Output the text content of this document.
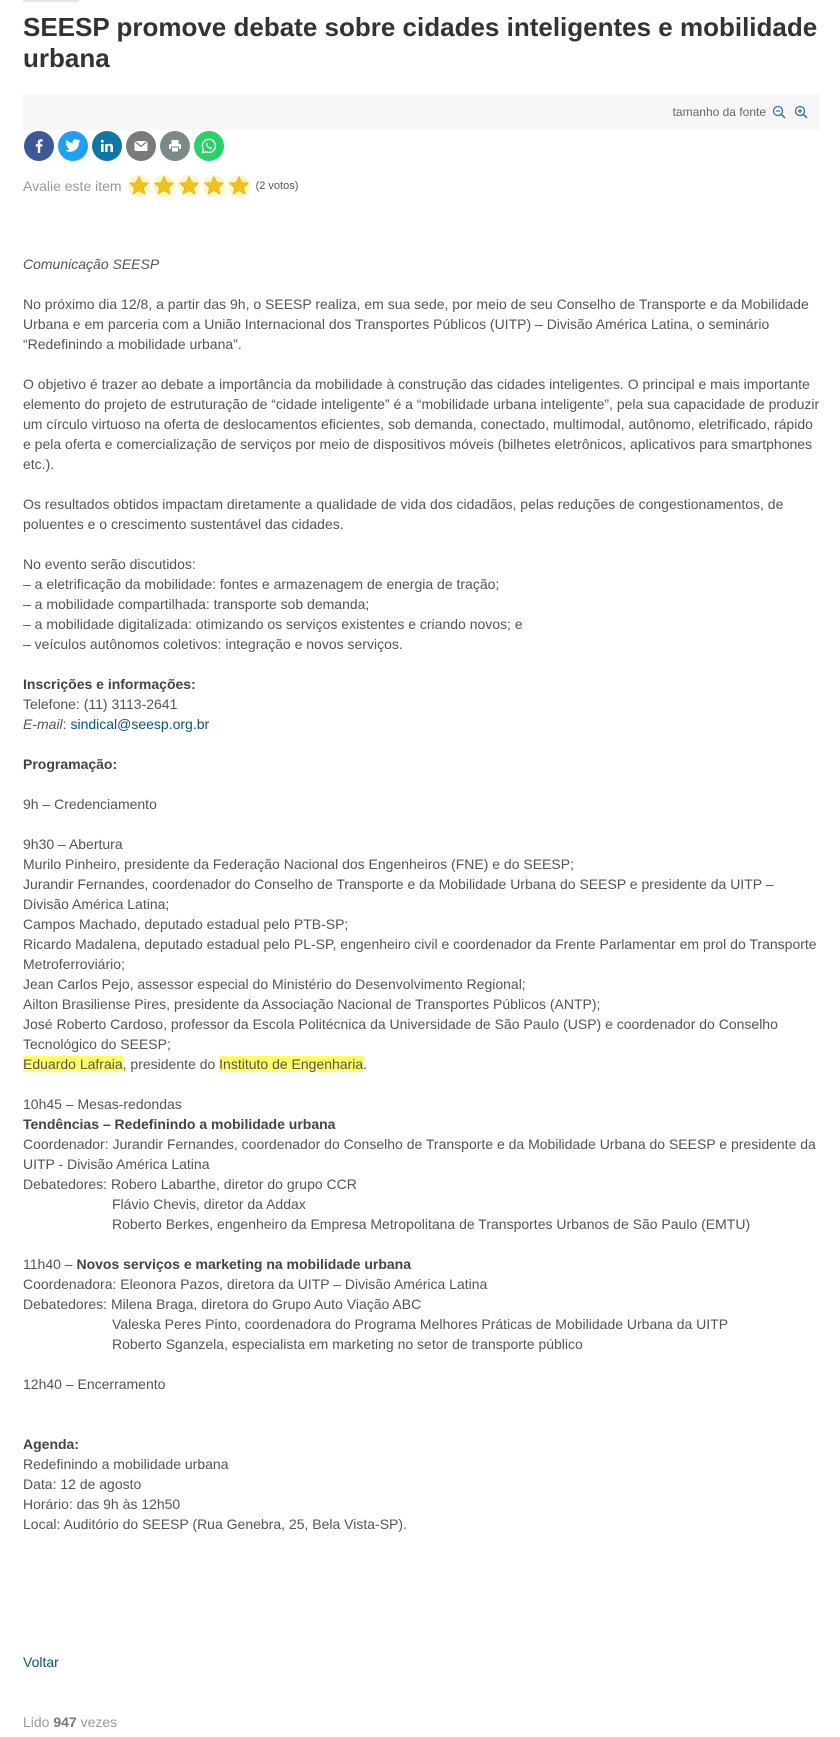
SEESP promove debate sobre cidades inteligentes e mobilidade urbana
tamanho da fonte
Avalie este item	(2 votos)

Comunicação SEESP

No próximo dia 12/8, a partir das 9h, o SEESP realiza, em sua sede, por meio de seu Conselho de Transporte e da Mobilidade Urbana e em parceria com a União Internacional dos Transportes Públicos (UITP) – Divisão América Latina, o seminário “Redefinindo a mobilidade urbana”.

O objetivo é trazer ao debate a importância da mobilidade à construção das cidades inteligentes. O principal e mais importante elemento do projeto de estruturação de “cidade inteligente” é a “mobilidade urbana inteligente”, pela sua capacidade de produzir um círculo virtuoso na oferta de deslocamentos eficientes, sob demanda, conectado, multimodal, autônomo, eletrificado, rápido e pela oferta e comercialização de serviços por meio de dispositivos móveis (bilhetes eletrônicos, aplicativos para smartphones etc.).

Os resultados obtidos impactam diretamente a qualidade de vida dos cidadãos, pelas reduções de congestionamentos, de poluentes e o crescimento sustentável das cidades.

No evento serão discutidos:
– a eletrificação da mobilidade: fontes e armazenagem de energia de tração;
– a mobilidade compartilhada: transporte sob demanda;
– a mobilidade digitalizada: otimizando os serviços existentes e criando novos; e
– veículos autônomos coletivos: integração e novos serviços.

Inscrições e informações:
Telefone: (11) 3113-2641
E-mail: sindical@seesp.org.br

Programação:

9h – Credenciamento

9h30 – Abertura
Murilo Pinheiro, presidente da Federação Nacional dos Engenheiros (FNE) e do SEESP;
Jurandir Fernandes, coordenador do Conselho de Transporte e da Mobilidade Urbana do SEESP e presidente da UITP – Divisão América Latina;
Campos Machado, deputado estadual pelo PTB-SP;
Ricardo Madalena, deputado estadual pelo PL-SP, engenheiro civil e coordenador da Frente Parlamentar em prol do Transporte Metroferroviário;
Jean Carlos Pejo, assessor especial do Ministério do Desenvolvimento Regional;
Ailton Brasiliense Pires, presidente da Associação Nacional de Transportes Públicos (ANTP);
José Roberto Cardoso, professor da Escola Politécnica da Universidade de São Paulo (USP) e coordenador do Conselho Tecnológico do SEESP;
Eduardo Lafraia, presidente do Instituto de Engenharia.

10h45 – Mesas-redondas
Tendências – Redefinindo a mobilidade urbana
Coordenador: Jurandir Fernandes, coordenador do Conselho de Transporte e da Mobilidade Urbana do SEESP e presidente da UITP - Divisão América Latina
Debatedores: Robero Labarthe, diretor do grupo CCR
Flávio Chevis, diretor da Addax
Roberto Berkes, engenheiro da Empresa Metropolitana de Transportes Urbanos de São Paulo (EMTU)

11h40 – Novos serviços e marketing na mobilidade urbana
Coordenadora: Eleonora Pazos, diretora da UITP – Divisão América Latina
Debatedores: Milena Braga, diretora do Grupo Auto Viação ABC
Valeska Peres Pinto, coordenadora do Programa Melhores Práticas de Mobilidade Urbana da UITP
Roberto Sganzela, especialista em marketing no setor de transporte público

12h40 – Encerramento

Agenda:
Redefinindo a mobilidade urbana
Data: 12 de agosto
Horário: das 9h às 12h50
Local: Auditório do SEESP (Rua Genebra, 25, Bela Vista-SP).

Voltar
Lido 947 vezes
